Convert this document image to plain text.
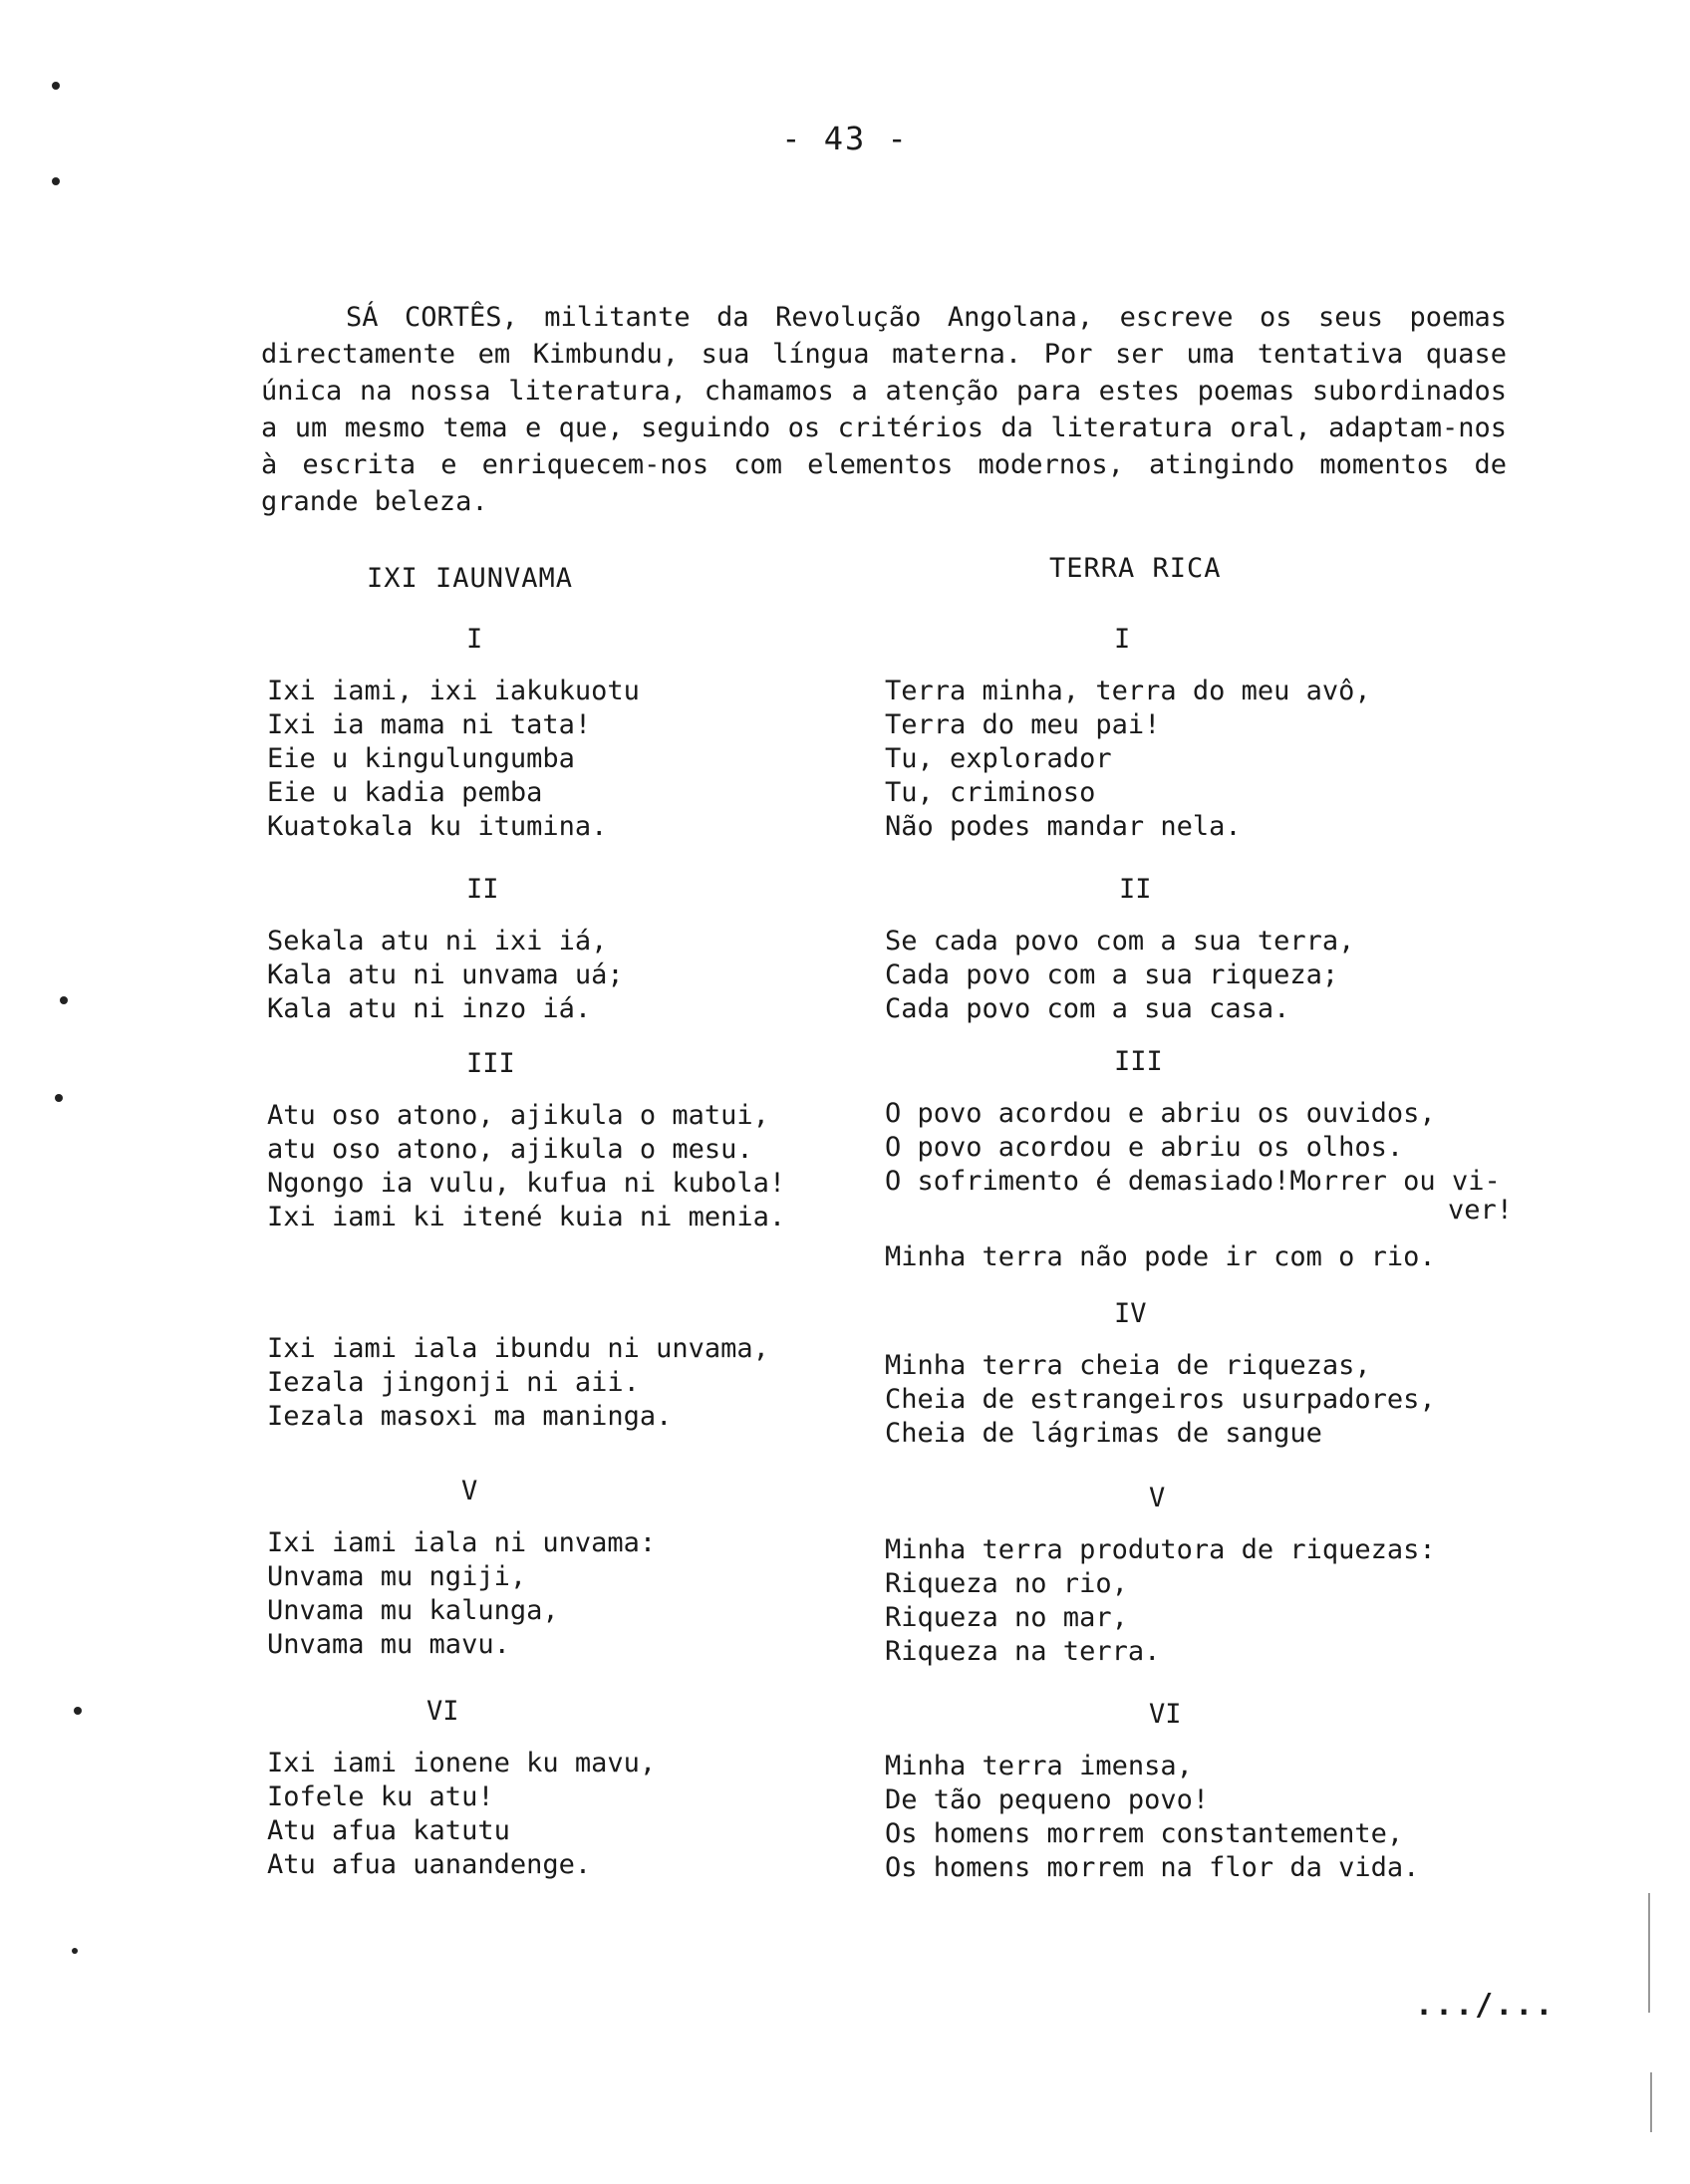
- 43 -

SÁ CORTÊS, militante da Revolução Angolana, escreve os seus poemas directamente em Kimbundu, sua língua materna. Por ser uma tentativa quase única na nossa literatura, chamamos a atenção para estes poemas subordinados a um mesmo tema e que, seguindo os critérios da literatura oral, adaptam-nos à escrita e enriquecem-nos com elementos modernos, atingindo momentos de grande beleza.

IXI IAUNVAMA
I
Ixi iami, ixi iakukuotu
Ixi ia mama ni tata!
Eie u kingulungumba
Eie u kadia pemba
Kuatokala ku itumina.
II
Sekala atu ni ixi iá,
Kala atu ni unvama uá;
Kala atu ni inzo iá.
III
Atu oso atono, ajikula o matui,
atu oso atono, ajikula o mesu.
Ngongo ia vulu, kufua ni kubola!
Ixi iami ki itené kuia ni menia.
Ixi iami iala ibundu ni unvama,
Iezala jingonji ni aii.
Iezala masoxi ma maninga.
V
Ixi iami iala ni unvama:
Unvama mu ngiji,
Unvama mu kalunga,
Unvama mu mavu.
VI
Ixi iami ionene ku mavu,
Iofele ku atu!
Atu afua katutu
Atu afua uanandenge.
TERRA RICA
I
Terra minha, terra do meu avô,
Terra do meu pai!
Tu, explorador
Tu, criminoso
Não podes mandar nela.
II
Se cada povo com a sua terra,
Cada povo com a sua riqueza;
Cada povo com a sua casa.
III
O povo acordou e abriu os ouvidos,
O povo acordou e abriu os olhos.
O sofrimento é demasiado!Morrer ou vi-
ver!
Minha terra não pode ir com o rio.
IV
Minha terra cheia de riquezas,
Cheia de estrangeiros usurpadores,
Cheia de lágrimas de sangue
V
Minha terra produtora de riquezas:
Riqueza no rio,
Riqueza no mar,
Riqueza na terra.
VI
Minha terra imensa,
De tão pequeno povo!
Os homens morrem constantemente,
Os homens morrem na flor da vida.
.../...
